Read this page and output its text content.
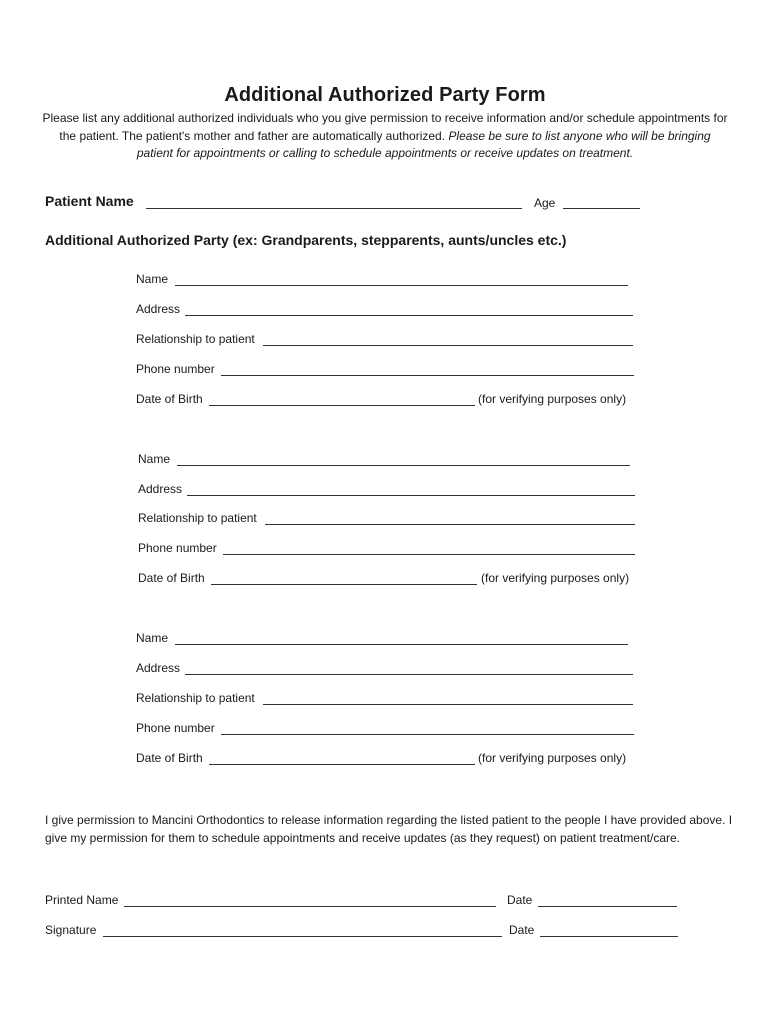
Additional Authorized Party Form
Please list any additional authorized individuals who you give permission to receive information and/or schedule appointments for the patient. The patient's mother and father are automatically authorized. Please be sure to list anyone who will be bringing patient for appointments or calling to schedule appointments or receive updates on treatment.
Patient Name	Age
Additional Authorized Party (ex: Grandparents, stepparents, aunts/uncles etc.)
Name
Address
Relationship to patient
Phone number
Date of Birth	(for verifying purposes only)
Name
Address
Relationship to patient
Phone number
Date of Birth	(for verifying purposes only)
Name
Address
Relationship to patient
Phone number
Date of Birth	(for verifying purposes only)
I give permission to Mancini Orthodontics to release information regarding the listed patient to the people I have provided above. I give my permission for them to schedule appointments and receive updates (as they request) on patient treatment/care.
Printed Name	Date
Signature	Date
